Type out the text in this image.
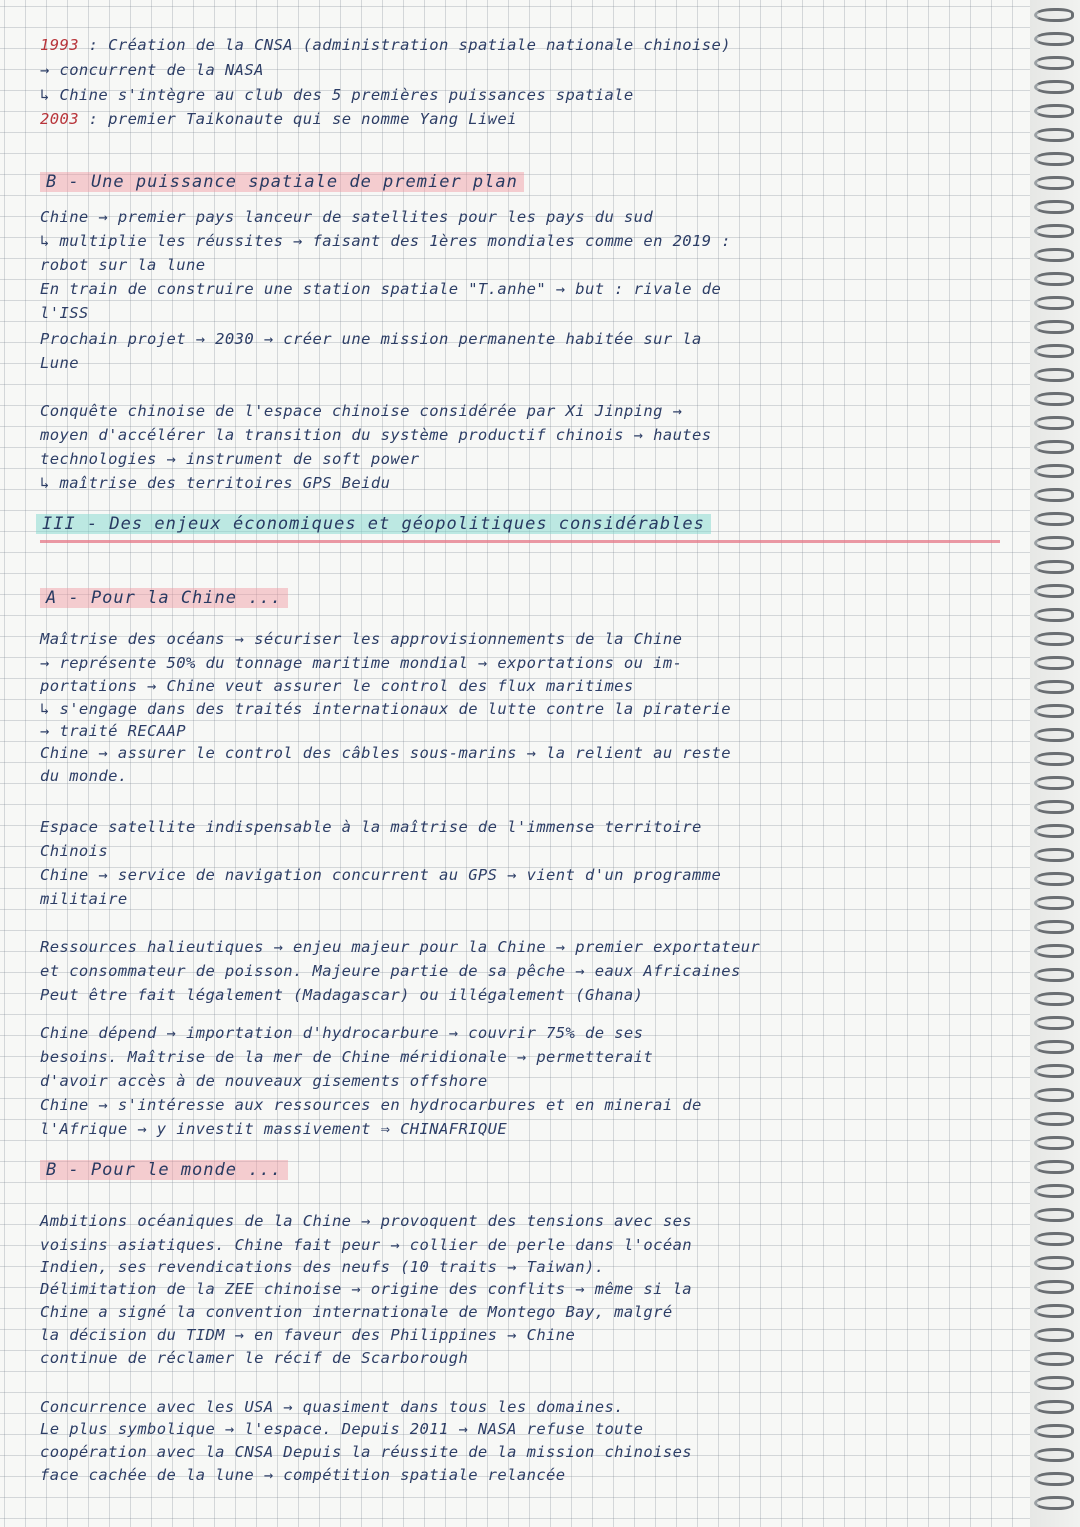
B - Une puissance spatiale de premier plan
III - Des enjeux économiques et géopolitiques considérables
A - Pour la Chine ...
B - Pour le monde ...
1993 : Création de la CNSA (administration spatiale nationale chinoise)
→ concurrent de la NASA
↳ Chine s'intègre au club des 5 premières puissances spatiale
2003 : premier Taikonaute qui se nomme Yang Liwei
Chine → premier pays lanceur de satellites pour les pays du sud
↳ multiplie les réussites → faisant des 1ères mondiales comme en 2019 :
robot sur la lune
En train de construire une station spatiale "T.anhe" → but : rivale de
l'ISS
Prochain projet → 2030 → créer une mission permanente habitée sur la
Lune
Conquête chinoise de l'espace chinoise considérée par Xi Jinping →
moyen d'accélérer la transition du système productif chinois → hautes
technologies → instrument de soft power
↳ maîtrise des territoires GPS Beidu
Maîtrise des océans → sécuriser les approvisionnements de la Chine
→ représente 50% du tonnage maritime mondial → exportations ou im-
portations → Chine veut assurer le control des flux maritimes
↳ s'engage dans des traités internationaux de lutte contre la piraterie
→ traité RECAAP
Chine → assurer le control des câbles sous-marins → la relient au reste
du monde.
Espace satellite indispensable à la maîtrise de l'immense territoire
Chinois
Chine → service de navigation concurrent au GPS → vient d'un programme
militaire
Ressources halieutiques → enjeu majeur pour la Chine → premier exportateur
et consommateur de poisson. Majeure partie de sa pêche → eaux Africaines
Peut être fait légalement (Madagascar) ou illégalement (Ghana)
Chine dépend → importation d'hydrocarbure → couvrir 75% de ses
besoins. Maîtrise de la mer de Chine méridionale → permetterait
d'avoir accès à de nouveaux gisements offshore
Chine → s'intéresse aux ressources en hydrocarbures et en minerai de
l'Afrique → y investit massivement ⇒ CHINAFRIQUE
Ambitions océaniques de la Chine → provoquent des tensions avec ses
voisins asiatiques. Chine fait peur → collier de perle dans l'océan
Indien, ses revendications des neufs (10 traits → Taiwan).
Délimitation de la ZEE chinoise → origine des conflits → même si la
Chine a signé la convention internationale de Montego Bay, malgré
la décision du TIDM → en faveur des Philippines → Chine
continue de réclamer le récif de Scarborough
Concurrence avec les USA → quasiment dans tous les domaines.
Le plus symbolique → l'espace. Depuis 2011 → NASA refuse toute
coopération avec la CNSA Depuis la réussite de la mission chinoises
face cachée de la lune → compétition spatiale relancée
